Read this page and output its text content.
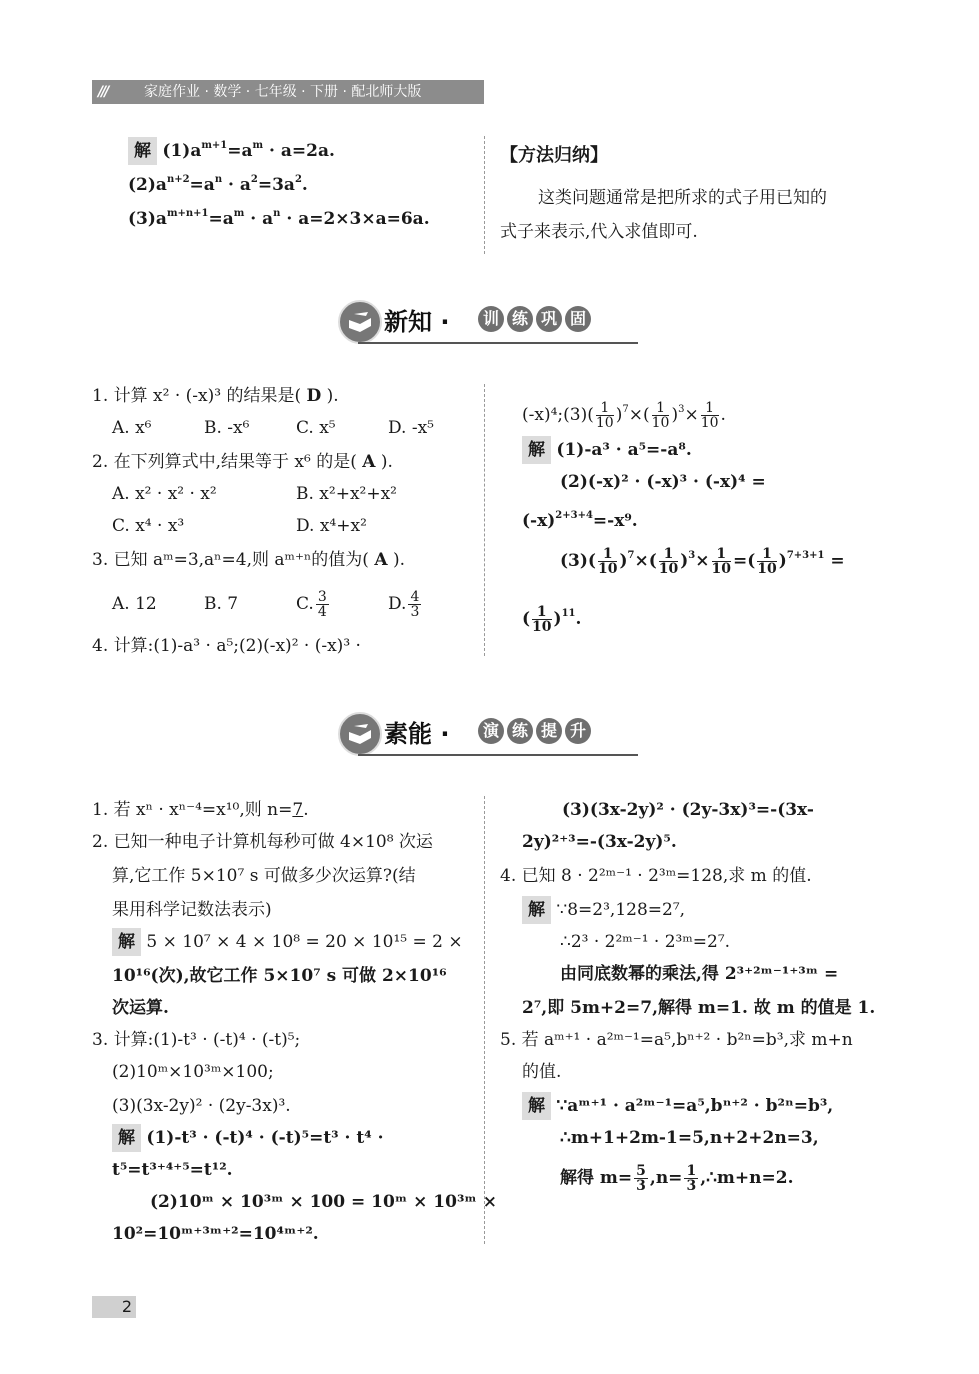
///	家庭作业 · 数学 · 七年级 · 下册 · 配北师大版
解 $(1)a^{m+1}=a^m \cdot a=2a$.
$(2)a^{n+2}=a^n \cdot a^2=3a^2$.
$(3)a^{m+n+1}=a^m \cdot a^n \cdot a=2\times 3\times a=6a$.
【方法归纳】
这类问题通常是把所求的式子用已知的
式子来表示,代入求值即可.
新知 ·	训 练 巩 固
1. 计算 x² · (-x)³ 的结果是( D ).
A. x⁶	B. -x⁶	C. x⁵	D. -x⁵
2. 在下列算式中,结果等于 x⁶ 的是( A ).
A. x² · x² · x²	B. x²+x²+x²
C. x⁴ · x³	D. x⁴+x²
3. 已知 aᵐ=3,aⁿ=4,则 aᵐ⁺ⁿ的值为( A ).
A. 12	B. 7	C. $\frac{3}{4}$	D. $\frac{4}{3}$
4. 计算:(1)-a³ · a⁵;(2)(-x)² · (-x)³ ·
(-x)⁴;(3)( $\frac{1}{10} )^7\times( \frac{1}{10} )^3\times \frac{1}{10}$ .
解 (1)-a³ · a⁵=-a⁸.
(2)(-x)² · (-x)³ · (-x)⁴ =
$(-x)^{2+3+4}=-x^9$.
$(3)( \frac{1}{10} )^7\times( \frac{1}{10} )^3\times \frac{1}{10}$ =( $\frac{1}{10} )^{7+3+1}$ =
( $\frac{1}{10} )^{11}$.
素能 ·	演 练 提 升
1. 若 xⁿ · xⁿ⁻⁴=x¹⁰,则 n=7.
2. 已知一种电子计算机每秒可做 4×10⁸ 次运
算,它工作 5×10⁷ s 可做多少次运算?(结
果用科学记数法表示)
解 5 × 10⁷ × 4 × 10⁸ = 20 × 10¹⁵ = 2 ×
10¹⁶(次),故它工作 5×10⁷ s 可做 2×10¹⁶
次运算.
3. 计算:(1)-t³ · (-t)⁴ · (-t)⁵;
(2)10ᵐ×10³ᵐ×100;
(3)(3x-2y)² · (2y-3x)³.
解 (1)-t³ · (-t)⁴ · (-t)⁵=t³ · t⁴ ·
t⁵=t³⁺⁴⁺⁵=t¹².
(2)10ᵐ × 10³ᵐ × 100 = 10ᵐ × 10³ᵐ ×
10²=10ᵐ⁺³ᵐ⁺²=10⁴ᵐ⁺².
(3)(3x-2y)² · (2y-3x)³=-(3x-
2y)²⁺³=-(3x-2y)⁵.
4. 已知 8 · 2²ᵐ⁻¹ · 2³ᵐ=128,求 m 的值.
解 ∵8=2³,128=2⁷,
∴2³ · 2²ᵐ⁻¹ · 2³ᵐ=2⁷.
由同底数幂的乘法,得 2³⁺²ᵐ⁻¹⁺³ᵐ =
2⁷,即 5m+2=7,解得 m=1. 故 m 的值是 1.
5. 若 aᵐ⁺¹ · a²ᵐ⁻¹=a⁵,bⁿ⁺² · b²ⁿ=b³,求 m+n
的值.
解 ∵aᵐ⁺¹ · a²ᵐ⁻¹=a⁵,bⁿ⁺² · b²ⁿ=b³,
∴m+1+2m-1=5,n+2+2n=3,
解得 $m= \frac{5}{3} ,n= \frac{1}{3}$ ,∴m+n=2.
2
